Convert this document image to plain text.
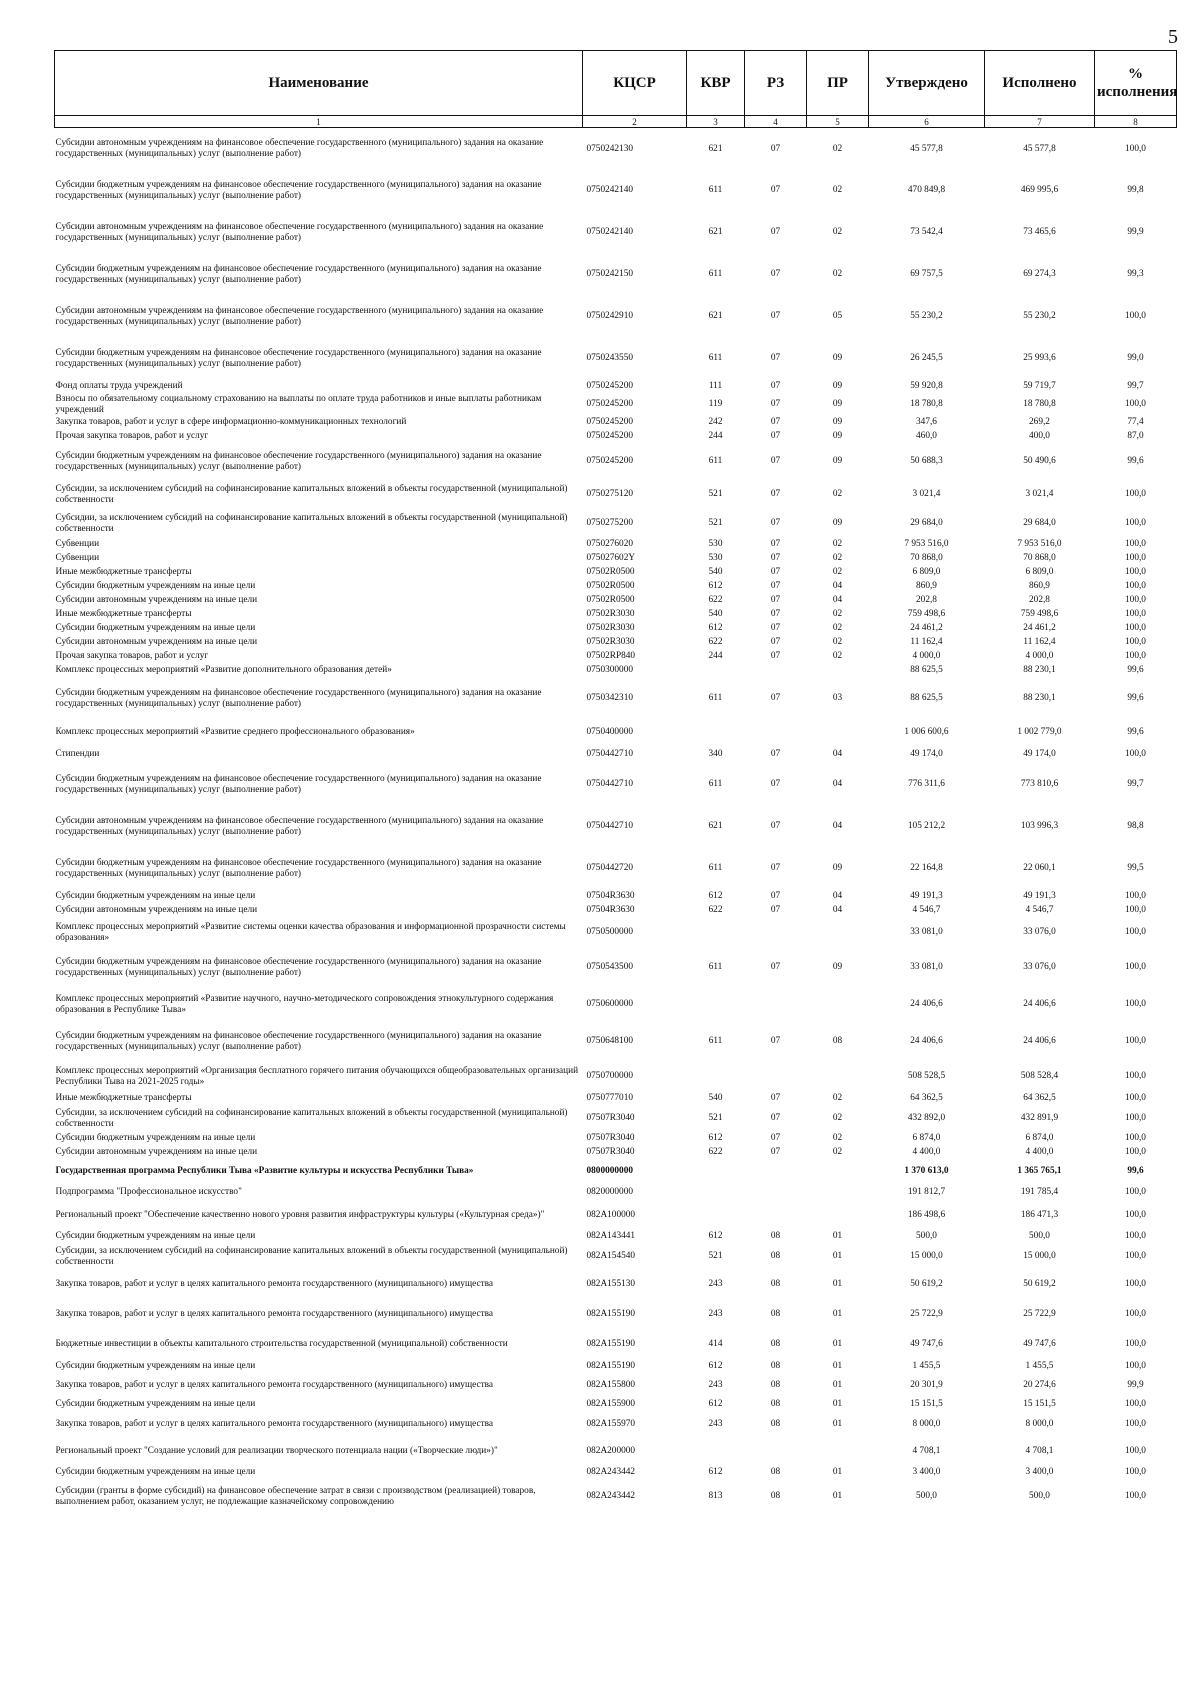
5
Наименование	КЦСР	КВР	РЗ	ПР	Утверждено	Исполнено	% исполнения
1	2	3	4	5	6	7	8
Субсидии автономным учреждениям на финансовое обеспечение государственного (муниципального) задания на оказание государственных (муниципальных) услуг (выполнение работ)	0750242130	621	07	02	45 577,8	45 577,8	100,0
Субсидии бюджетным учреждениям на финансовое обеспечение государственного (муниципального) задания на оказание государственных (муниципальных) услуг (выполнение работ)	0750242140	611	07	02	470 849,8	469 995,6	99,8
Субсидии автономным учреждениям на финансовое обеспечение государственного (муниципального) задания на оказание государственных (муниципальных) услуг (выполнение работ)	0750242140	621	07	02	73 542,4	73 465,6	99,9
Субсидии бюджетным учреждениям на финансовое обеспечение государственного (муниципального) задания на оказание государственных (муниципальных) услуг (выполнение работ)	0750242150	611	07	02	69 757,5	69 274,3	99,3
Субсидии автономным учреждениям на финансовое обеспечение государственного (муниципального) задания на оказание государственных (муниципальных) услуг (выполнение работ)	0750242910	621	07	05	55 230,2	55 230,2	100,0
Субсидии бюджетным учреждениям на финансовое обеспечение государственного (муниципального) задания на оказание государственных (муниципальных) услуг (выполнение работ)	0750243550	611	07	09	26 245,5	25 993,6	99,0
Фонд оплаты труда учреждений	0750245200	111	07	09	59 920,8	59 719,7	99,7
Взносы по обязательному социальному страхованию на выплаты по оплате труда работников и иные выплаты работникам учреждений	0750245200	119	07	09	18 780,8	18 780,8	100,0
Закупка товаров, работ и услуг в сфере информационно-коммуникационных технологий	0750245200	242	07	09	347,6	269,2	77,4
Прочая закупка товаров, работ и услуг	0750245200	244	07	09	460,0	400,0	87,0
Субсидии бюджетным учреждениям на финансовое обеспечение государственного (муниципального) задания на оказание государственных (муниципальных) услуг (выполнение работ)	0750245200	611	07	09	50 688,3	50 490,6	99,6
Субсидии, за исключением субсидий на софинансирование капитальных вложений в объекты государственной (муниципальной) собственности	0750275120	521	07	02	3 021,4	3 021,4	100,0
Субсидии, за исключением субсидий на софинансирование капитальных вложений в объекты государственной (муниципальной) собственности	0750275200	521	07	09	29 684,0	29 684,0	100,0
Субвенции	0750276020	530	07	02	7 953 516,0	7 953 516,0	100,0
Субвенции	075027602Y	530	07	02	70 868,0	70 868,0	100,0
Иные межбюджетные трансферты	07502R0500	540	07	02	6 809,0	6 809,0	100,0
Субсидии бюджетным учреждениям на иные цели	07502R0500	612	07	04	860,9	860,9	100,0
Субсидии автономным учреждениям на иные цели	07502R0500	622	07	04	202,8	202,8	100,0
Иные межбюджетные трансферты	07502R3030	540	07	02	759 498,6	759 498,6	100,0
Субсидии бюджетным учреждениям на иные цели	07502R3030	612	07	02	24 461,2	24 461,2	100,0
Субсидии автономным учреждениям на иные цели	07502R3030	622	07	02	11 162,4	11 162,4	100,0
Прочая закупка товаров, работ и услуг	07502RP840	244	07	02	4 000,0	4 000,0	100,0
Комплекс процессных мероприятий «Развитие дополнительного образования детей»	0750300000				88 625,5	88 230,1	99,6
Субсидии бюджетным учреждениям на финансовое обеспечение государственного (муниципального) задания на оказание государственных (муниципальных) услуг (выполнение работ)	0750342310	611	07	03	88 625,5	88 230,1	99,6
Комплекс процессных мероприятий «Развитие среднего профессионального образования»	0750400000				1 006 600,6	1 002 779,0	99,6
Стипендии	0750442710	340	07	04	49 174,0	49 174,0	100,0
Субсидии бюджетным учреждениям на финансовое обеспечение государственного (муниципального) задания на оказание государственных (муниципальных) услуг (выполнение работ)	0750442710	611	07	04	776 311,6	773 810,6	99,7
Субсидии автономным учреждениям на финансовое обеспечение государственного (муниципального) задания на оказание государственных (муниципальных) услуг (выполнение работ)	0750442710	621	07	04	105 212,2	103 996,3	98,8
Субсидии бюджетным учреждениям на финансовое обеспечение государственного (муниципального) задания на оказание государственных (муниципальных) услуг (выполнение работ)	0750442720	611	07	09	22 164,8	22 060,1	99,5
Субсидии бюджетным учреждениям на иные цели	07504R3630	612	07	04	49 191,3	49 191,3	100,0
Субсидии автономным учреждениям на иные цели	07504R3630	622	07	04	4 546,7	4 546,7	100,0
Комплекс процессных мероприятий «Развитие системы оценки качества образования и информационной прозрачности системы образования»	0750500000				33 081,0	33 076,0	100,0
Субсидии бюджетным учреждениям на финансовое обеспечение государственного (муниципального) задания на оказание государственных (муниципальных) услуг (выполнение работ)	0750543500	611	07	09	33 081,0	33 076,0	100,0
Комплекс процессных мероприятий «Развитие научного, научно-методического сопровождения этнокультурного содержания образования в Республике Тыва»	0750600000				24 406,6	24 406,6	100,0
Субсидии бюджетным учреждениям на финансовое обеспечение государственного (муниципального) задания на оказание государственных (муниципальных) услуг (выполнение работ)	0750648100	611	07	08	24 406,6	24 406,6	100,0
Комплекс процессных мероприятий «Организация бесплатного горячего питания обучающихся общеобразовательных организаций Республики Тыва на 2021-2025 годы»	0750700000				508 528,5	508 528,4	100,0
Иные межбюджетные трансферты	0750777010	540	07	02	64 362,5	64 362,5	100,0
Субсидии, за исключением субсидий на софинансирование капитальных вложений в объекты государственной (муниципальной) собственности	07507R3040	521	07	02	432 892,0	432 891,9	100,0
Субсидии бюджетным учреждениям на иные цели	07507R3040	612	07	02	6 874,0	6 874,0	100,0
Субсидии автономным учреждениям на иные цели	07507R3040	622	07	02	4 400,0	4 400,0	100,0
Государственная программа Республики Тыва «Развитие культуры и искусства Республики Тыва»	0800000000				1 370 613,0	1 365 765,1	99,6
Подпрограмма "Профессиональное искусство"	0820000000				191 812,7	191 785,4	100,0
Региональный проект "Обеспечение качественно нового уровня развития инфраструктуры культуры («Культурная среда»)"	082A100000				186 498,6	186 471,3	100,0
Субсидии бюджетным учреждениям на иные цели	082A143441	612	08	01	500,0	500,0	100,0
Субсидии, за исключением субсидий на софинансирование капитальных вложений в объекты государственной (муниципальной) собственности	082A154540	521	08	01	15 000,0	15 000,0	100,0
Закупка товаров, работ и услуг в целях капитального ремонта государственного (муниципального) имущества	082A155130	243	08	01	50 619,2	50 619,2	100,0
Закупка товаров, работ и услуг в целях капитального ремонта государственного (муниципального) имущества	082A155190	243	08	01	25 722,9	25 722,9	100,0
Бюджетные инвестиции в объекты капитального строительства государственной (муниципальной) собственности	082A155190	414	08	01	49 747,6	49 747,6	100,0
Субсидии бюджетным учреждениям на иные цели	082A155190	612	08	01	1 455,5	1 455,5	100,0
Закупка товаров, работ и услуг в целях капитального ремонта государственного (муниципального) имущества	082A155800	243	08	01	20 301,9	20 274,6	99,9
Субсидии бюджетным учреждениям на иные цели	082A155900	612	08	01	15 151,5	15 151,5	100,0
Закупка товаров, работ и услуг в целях капитального ремонта государственного (муниципального) имущества	082A155970	243	08	01	8 000,0	8 000,0	100,0
Региональный проект "Создание условий для реализации творческого потенциала нации («Творческие люди»)"	082A200000				4 708,1	4 708,1	100,0
Субсидии бюджетным учреждениям на иные цели	082A243442	612	08	01	3 400,0	3 400,0	100,0
Субсидии (гранты в форме субсидий) на финансовое обеспечение затрат в связи с производством (реализацией) товаров, выполнением работ, оказанием услуг, не подлежащие казначейскому сопровождению	082A243442	813	08	01	500,0	500,0	100,0
